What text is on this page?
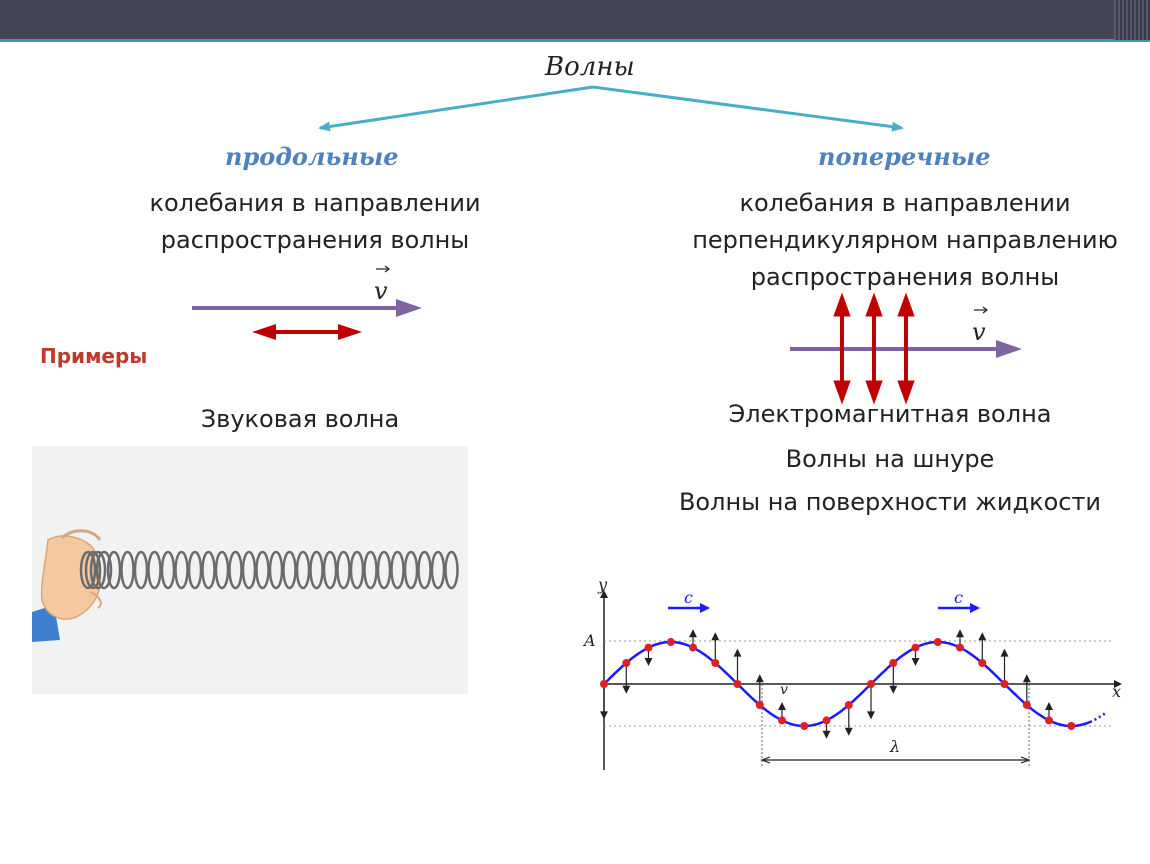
Волны
продольные	поперечные
колебания в направлении
распространения волны
колебания в направлении
перпендикулярном направлению
распространения волны
v
v
Примеры
Звуковая волна	Электромагнитная волна
Волны на шнуре
Волны на поверхности жидкости
y
x
A
λ
c	c
v
